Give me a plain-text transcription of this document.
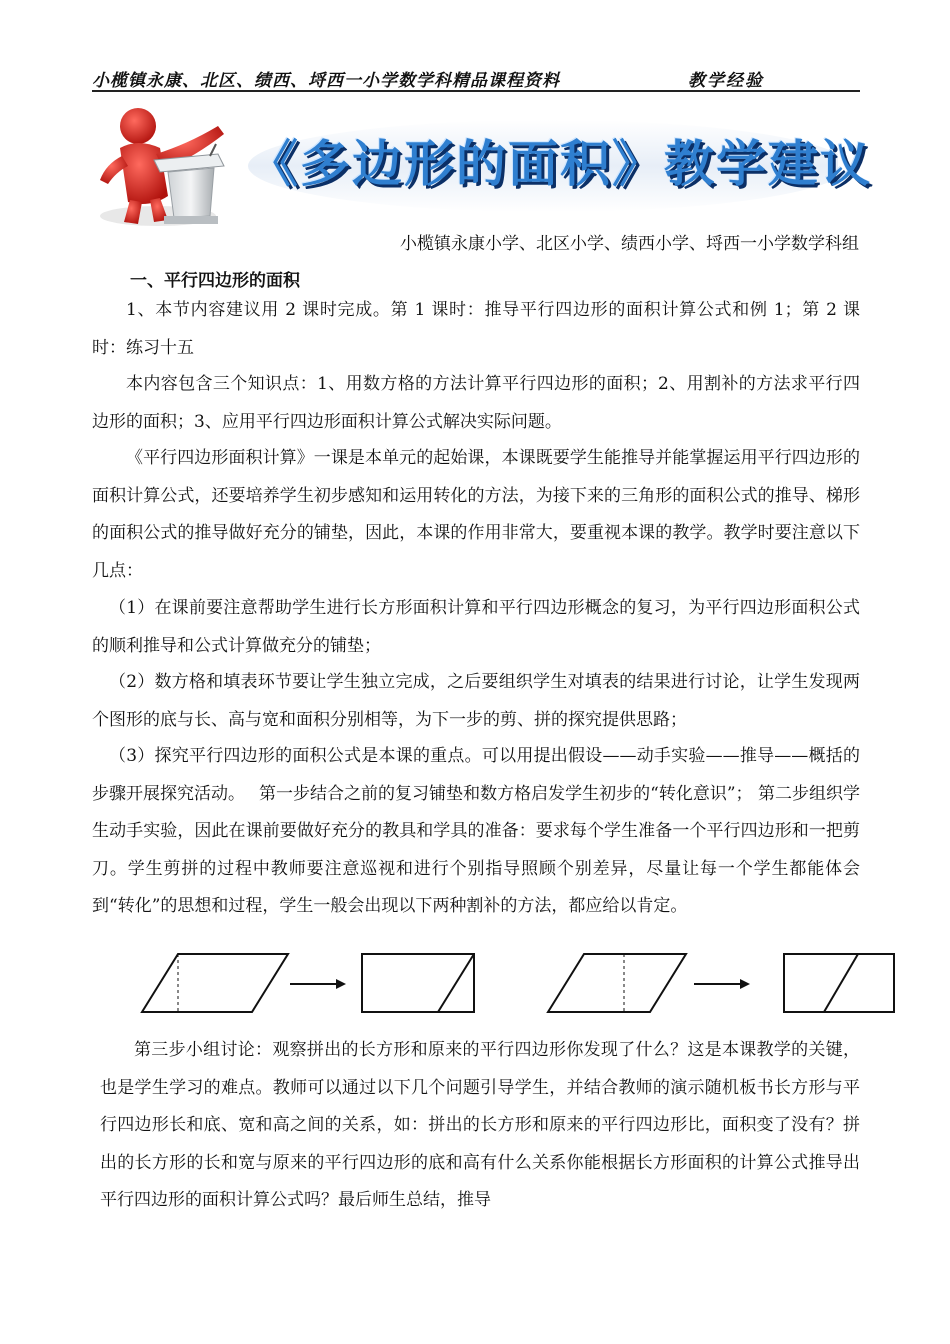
小榄镇永康、北区、绩西、埒西一小学数学科精品课程资料	教学经验
《多边形的面积》教学建议
小榄镇永康小学、北区小学、绩西小学、埒西一小学数学科组
一、平行四边形的面积
1、本节内容建议用 2 课时完成。第 1 课时：推导平行四边形的面积计算公式和例 1；第 2 课时：练习十五
本内容包含三个知识点：1、用数方格的方法计算平行四边形的面积；2、用割补的方法求平行四边形的面积；3、应用平行四边形面积计算公式解决实际问题。
《平行四边形面积计算》一课是本单元的起始课，本课既要学生能推导并能掌握运用平行四边形的面积计算公式，还要培养学生初步感知和运用转化的方法，为接下来的三角形的面积公式的推导、梯形的面积公式的推导做好充分的铺垫，因此，本课的作用非常大，要重视本课的教学。教学时要注意以下几点：
（1）在课前要注意帮助学生进行长方形面积计算和平行四边形概念的复习，为平行四边形面积公式的顺利推导和公式计算做充分的铺垫；
（2）数方格和填表环节要让学生独立完成，之后要组织学生对填表的结果进行讨论，让学生发现两个图形的底与长、高与宽和面积分别相等，为下一步的剪、拼的探究提供思路；
（3）探究平行四边形的面积公式是本课的重点。可以用提出假设——动手实验——推导——概括的步骤开展探究活动。　 第一步结合之前的复习铺垫和数方格启发学生初步的“转化意识”； 第二步组织学生动手实验，因此在课前要做好充分的教具和学具的准备：要求每个学生准备一个平行四边形和一把剪刀。学生剪拼的过程中教师要注意巡视和进行个别指导照顾个别差异，尽量让每一个学生都能体会到“转化”的思想和过程，学生一般会出现以下两种割补的方法，都应给以肯定。
第三步小组讨论：观察拼出的长方形和原来的平行四边形你发现了什么？这是本课教学的关键，也是学生学习的难点。教师可以通过以下几个问题引导学生，并结合教师的演示随机板书长方形与平行四边形长和底、宽和高之间的关系，如：拼出的长方形和原来的平行四边形比，面积变了没有？拼出的长方形的长和宽与原来的平行四边形的底和高有什么关系你能根据长方形面积的计算公式推导出平行四边形的面积计算公式吗？最后师生总结，推导
